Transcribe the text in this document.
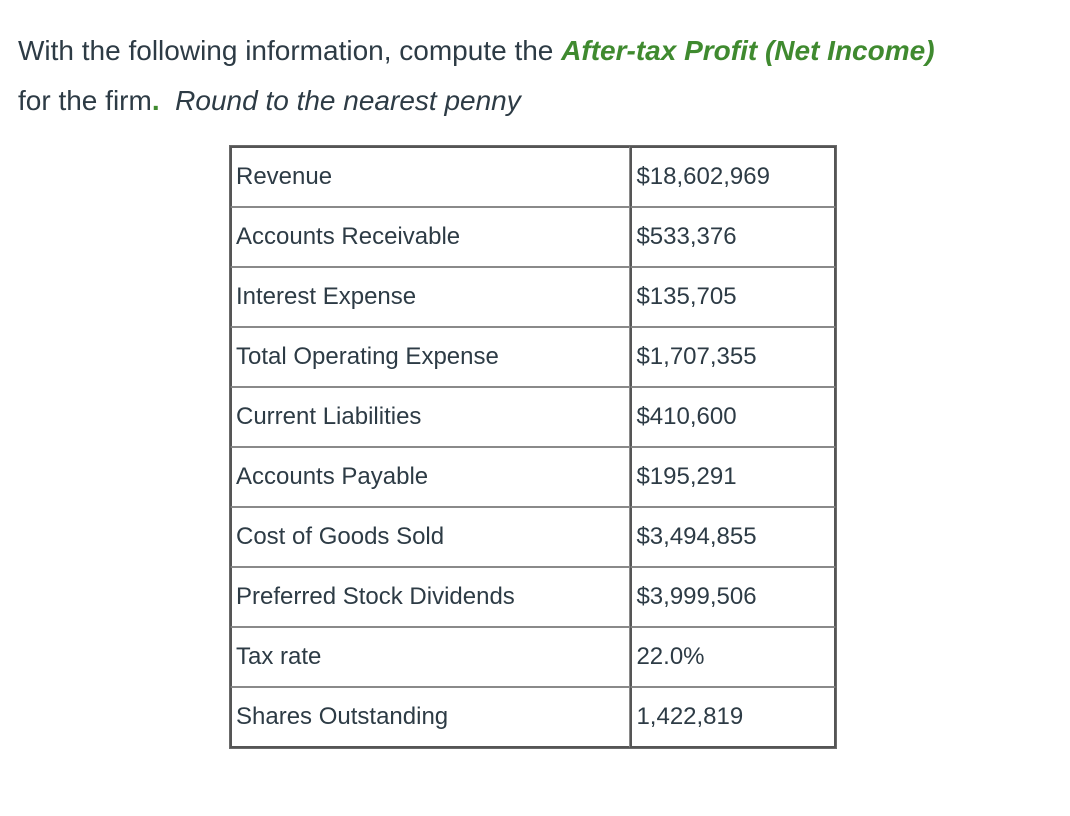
With the following information, compute the After-tax Profit (Net Income)
for the firm. Round to the nearest penny
Revenue	$18,602,969
Accounts Receivable	$533,376
Interest Expense	$135,705
Total Operating Expense	$1,707,355
Current Liabilities	$410,600
Accounts Payable	$195,291
Cost of Goods Sold	$3,494,855
Preferred Stock Dividends	$3,999,506
Tax rate	22.0%
Shares Outstanding	1,422,819
